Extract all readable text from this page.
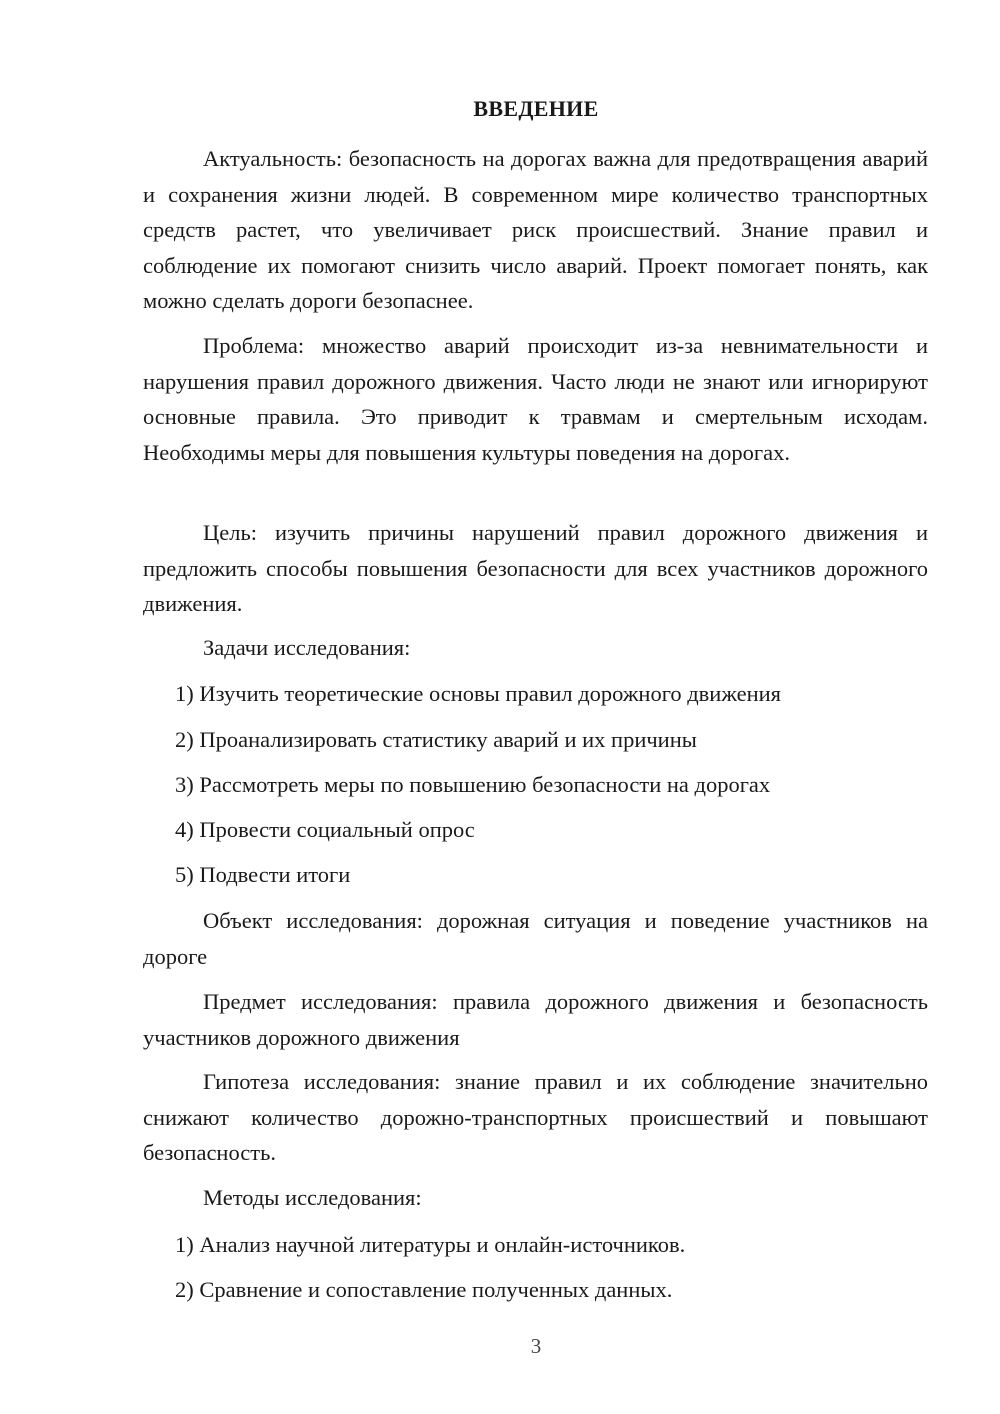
ВВЕДЕНИЕ

Актуальность: безопасность на дорогах важна для предотвращения аварий и сохранения жизни людей. В современном мире количество транспортных средств растет, что увеличивает риск происшествий. Знание правил и соблюдение их помогают снизить число аварий. Проект помогает понять, как можно сделать дороги безопаснее.

Проблема: множество аварий происходит из-за невнимательности и нарушения правил дорожного движения. Часто люди не знают или игнорируют основные правила. Это приводит к травмам и смертельным исходам. Необходимы меры для повышения культуры поведения на дорогах.

Цель: изучить причины нарушений правил дорожного движения и предложить способы повышения безопасности для всех участников дорожного движения.

Задачи исследования:

1) Изучить теоретические основы правил дорожного движения

2) Проанализировать статистику аварий и их причины

3) Рассмотреть меры по повышению безопасности на дорогах

4) Провести социальный опрос

5) Подвести итоги

Объект исследования: дорожная ситуация и поведение участников на дороге

Предмет исследования: правила дорожного движения и безопасность участников дорожного движения

Гипотеза исследования: знание правил и их соблюдение значительно снижают количество дорожно-транспортных происшествий и повышают безопасность.

Методы исследования:

1) Анализ научной литературы и онлайн-источников.

2) Сравнение и сопоставление полученных данных.

3
